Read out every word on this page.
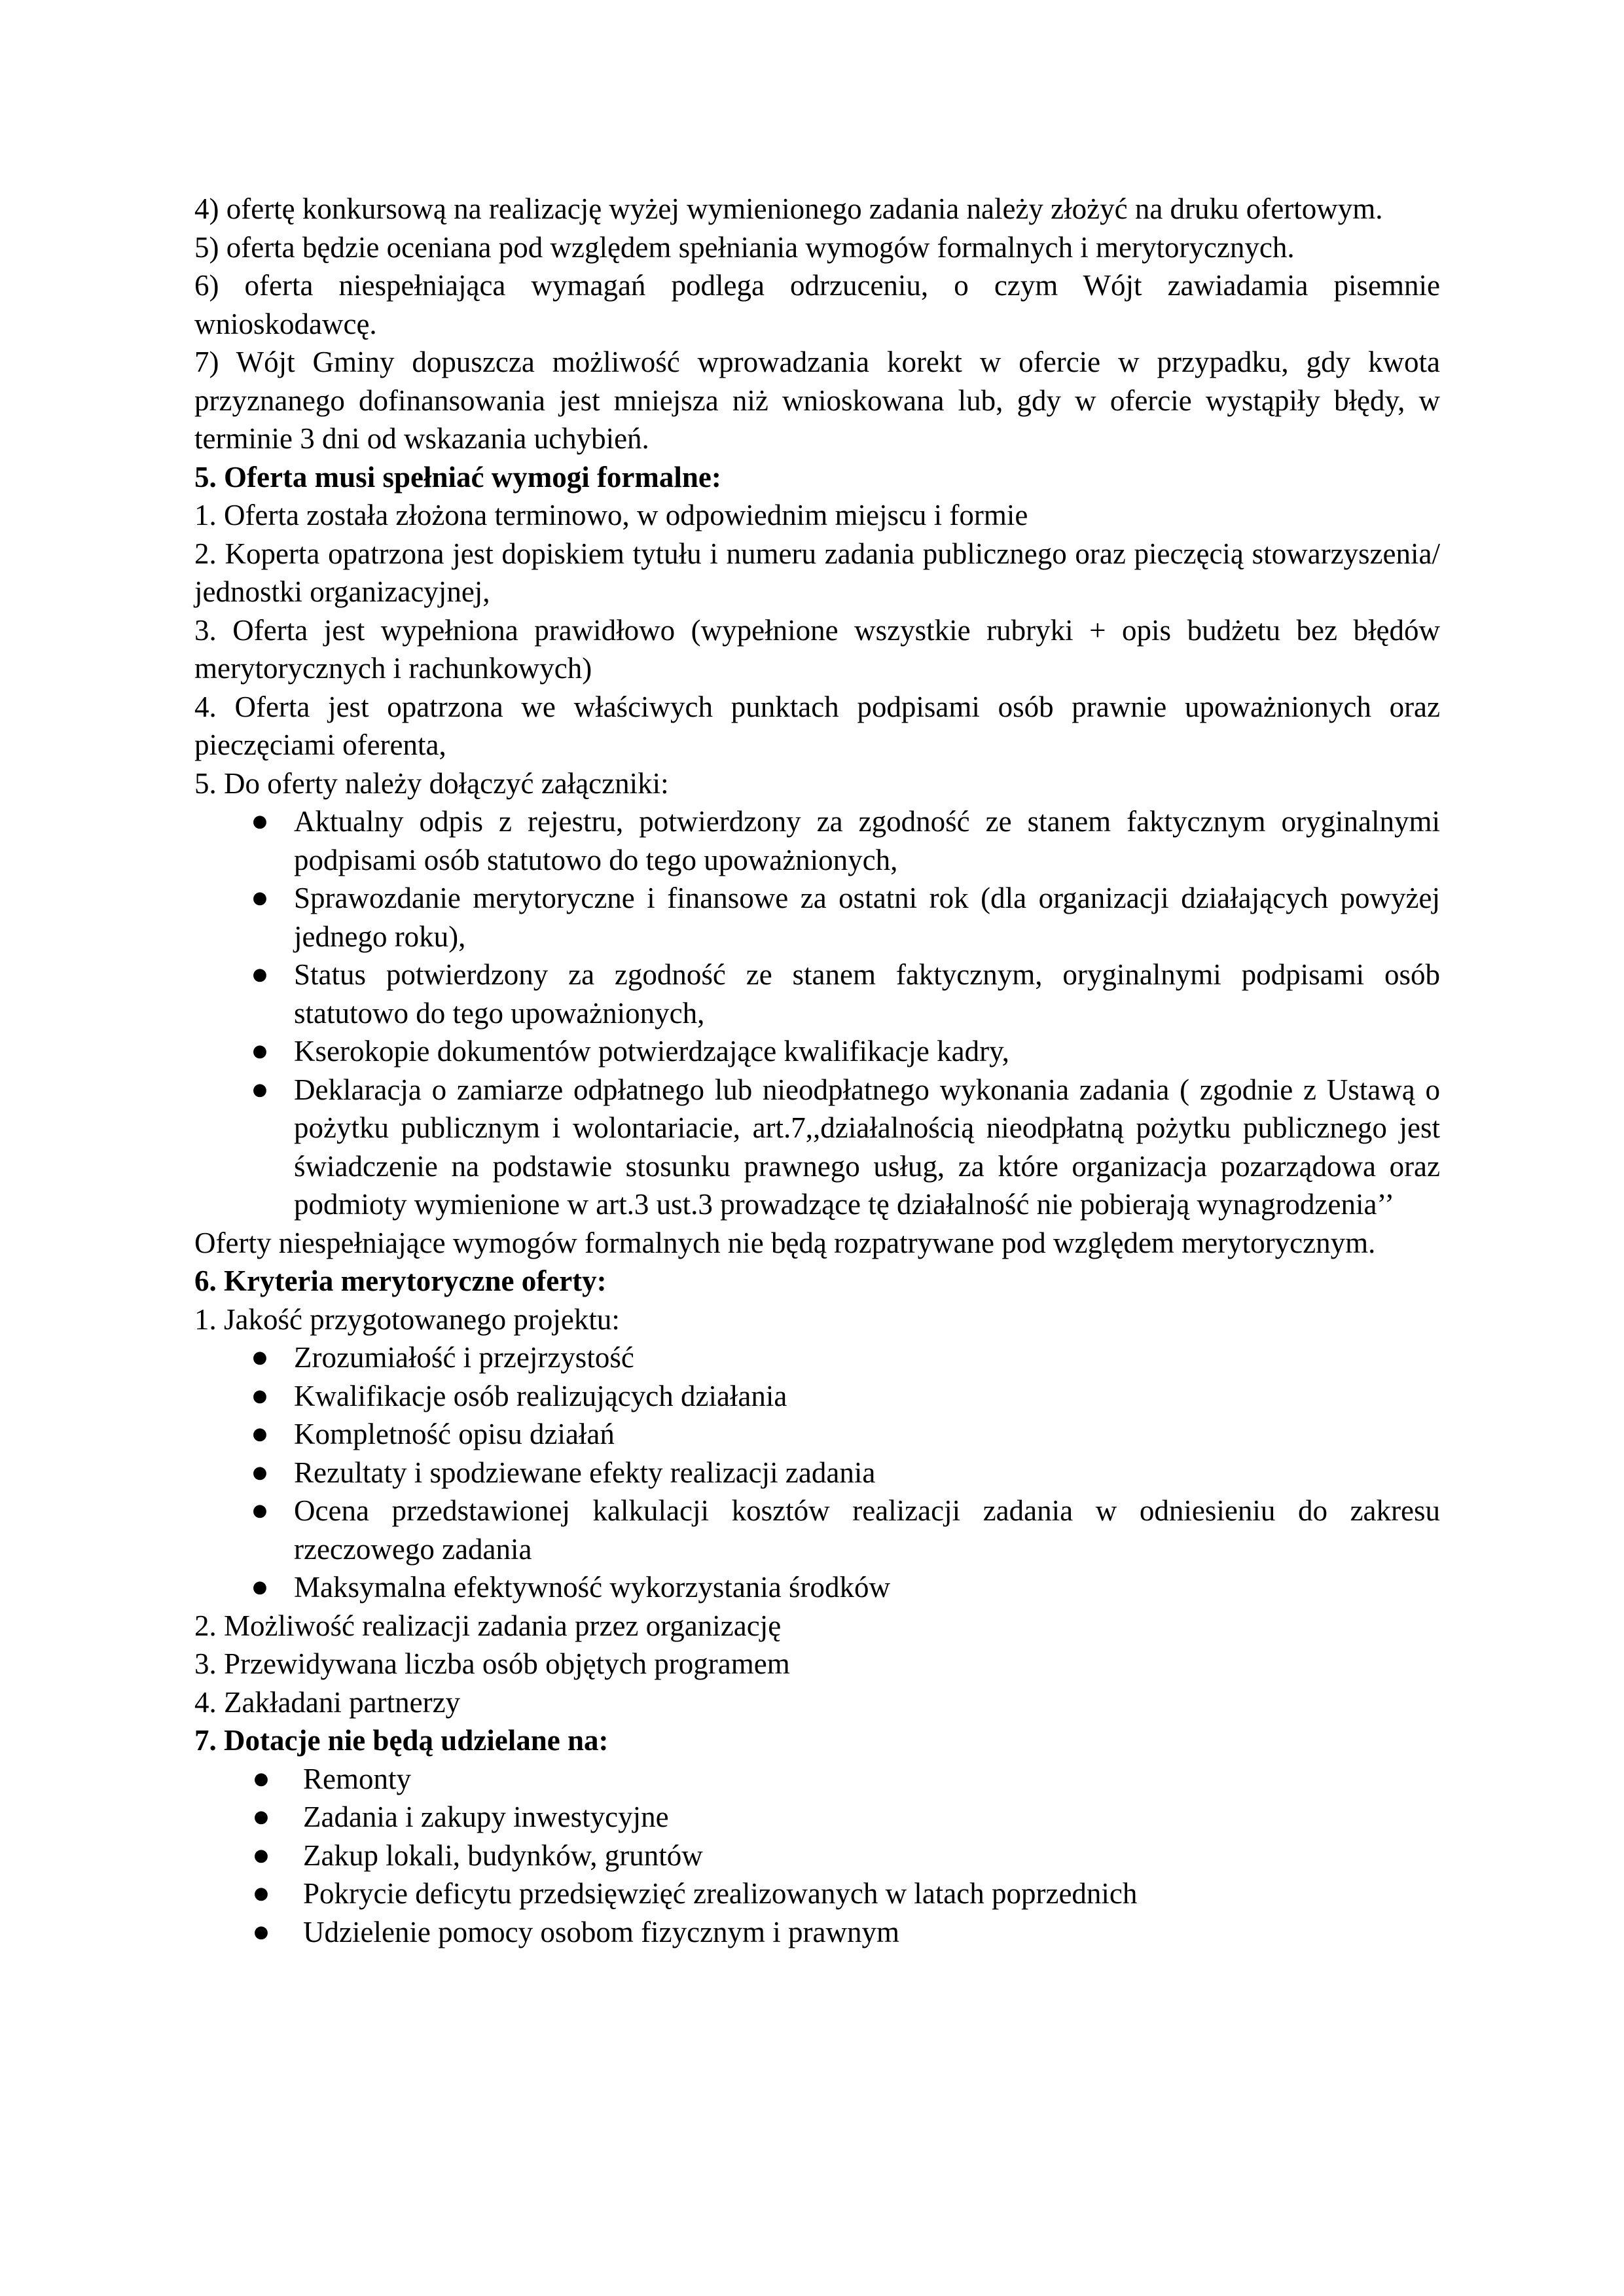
4) ofertę konkursową na realizację wyżej wymienionego zadania należy złożyć na druku ofertowym.

5) oferta będzie oceniana pod względem spełniania wymogów formalnych i merytorycznych.

6) oferta niespełniająca wymagań podlega odrzuceniu, o czym Wójt zawiadamia pisemnie wnioskodawcę.

7) Wójt Gminy dopuszcza możliwość wprowadzania korekt w ofercie w przypadku, gdy kwota przyznanego dofinansowania jest mniejsza niż wnioskowana lub, gdy w ofercie wystąpiły błędy, w terminie 3 dni od wskazania uchybień.

5. Oferta musi spełniać wymogi formalne:

1. Oferta została złożona terminowo, w odpowiednim miejscu i formie

2. Koperta opatrzona jest dopiskiem tytułu i numeru zadania publicznego oraz pieczęcią stowarzyszenia/ jednostki organizacyjnej,

3. Oferta jest wypełniona prawidłowo (wypełnione wszystkie rubryki + opis budżetu bez błędów merytorycznych i rachunkowych)

4. Oferta jest opatrzona we właściwych punktach podpisami osób prawnie upoważnionych oraz pieczęciami oferenta,

5. Do oferty należy dołączyć załączniki:

● Aktualny odpis z rejestru, potwierdzony za zgodność ze stanem faktycznym oryginalnymi podpisami osób statutowo do tego upoważnionych,
● Sprawozdanie merytoryczne i finansowe za ostatni rok (dla organizacji działających powyżej jednego roku),
● Status potwierdzony za zgodność ze stanem faktycznym, oryginalnymi podpisami osób statutowo do tego upoważnionych,
● Kserokopie dokumentów potwierdzające kwalifikacje kadry,
● Deklaracja o zamiarze odpłatnego lub nieodpłatnego wykonania zadania ( zgodnie z Ustawą o pożytku publicznym i wolontariacie, art.7,,działalnością nieodpłatną pożytku publicznego jest świadczenie na podstawie stosunku prawnego usług, za które organizacja pozarządowa oraz podmioty wymienione w art.3 ust.3 prowadzące tę działalność nie pobierają wynagrodzenia’’

Oferty niespełniające wymogów formalnych nie będą rozpatrywane pod względem merytorycznym.

6. Kryteria merytoryczne oferty:

1. Jakość przygotowanego projektu:

● Zrozumiałość i przejrzystość
● Kwalifikacje osób realizujących działania
● Kompletność opisu działań
● Rezultaty i spodziewane efekty realizacji zadania
● Ocena przedstawionej kalkulacji kosztów realizacji zadania w odniesieniu do zakresu rzeczowego zadania
● Maksymalna efektywność wykorzystania środków

2. Możliwość realizacji zadania przez organizację

3. Przewidywana liczba osób objętych programem

4. Zakładani partnerzy

7. Dotacje nie będą udzielane na:

● Remonty
● Zadania i zakupy inwestycyjne
● Zakup lokali, budynków, gruntów
● Pokrycie deficytu przedsięwzięć zrealizowanych w latach poprzednich
● Udzielenie pomocy osobom fizycznym i prawnym
